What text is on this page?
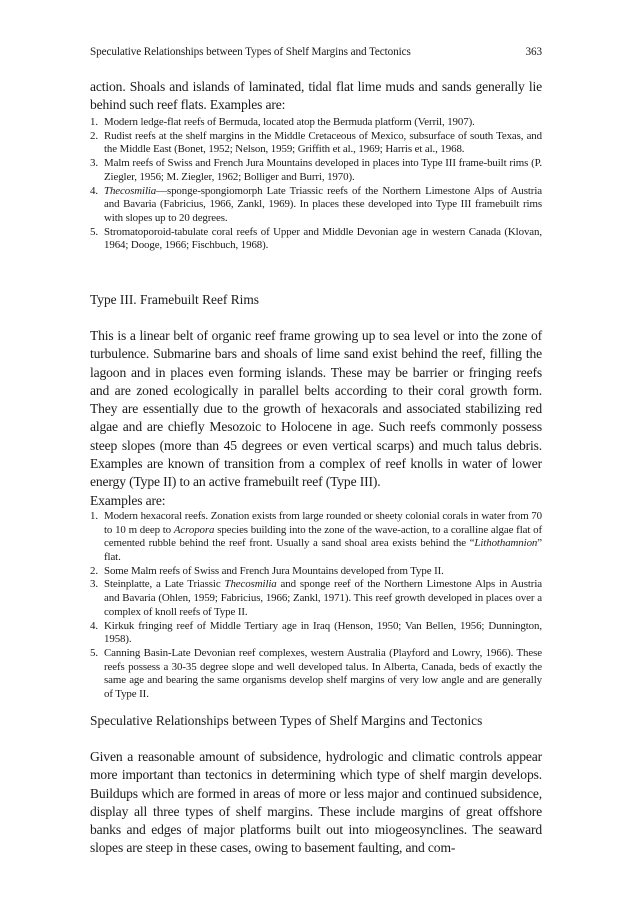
Speculative Relationships between Types of Shelf Margins and Tectonics	363

action. Shoals and islands of laminated, tidal flat lime muds and sands generally lie behind such reef flats. Examples are:

1. Modern ledge-flat reefs of Bermuda, located atop the Bermuda platform (Verril, 1907).
2. Rudist reefs at the shelf margins in the Middle Cretaceous of Mexico, subsurface of south Texas, and the Middle East (Bonet, 1952; Nelson, 1959; Griffith et al., 1969; Harris et al., 1968.
3. Malm reefs of Swiss and French Jura Mountains developed in places into Type III frame-built rims (P. Ziegler, 1956; M. Ziegler, 1962; Bolliger and Burri, 1970).
4. Thecosmilia—sponge-spongiomorph Late Triassic reefs of the Northern Limestone Alps of Austria and Bavaria (Fabricius, 1966, Zankl, 1969). In places these developed into Type III framebuilt rims with slopes up to 20 degrees.
5. Stromatoporoid-tabulate coral reefs of Upper and Middle Devonian age in western Canada (Klovan, 1964; Dooge, 1966; Fischbuch, 1968).
Type III. Framebuilt Reef Rims

This is a linear belt of organic reef frame growing up to sea level or into the zone of turbulence. Submarine bars and shoals of lime sand exist behind the reef, filling the lagoon and in places even forming islands. These may be barrier or fringing reefs and are zoned ecologically in parallel belts according to their coral growth form. They are essentially due to the growth of hexacorals and associated stabilizing red algae and are chiefly Mesozoic to Holocene in age. Such reefs commonly possess steep slopes (more than 45 degrees or even vertical scarps) and much talus debris. Examples are known of transition from a complex of reef knolls in water of lower energy (Type II) to an active framebuilt reef (Type III).

Examples are:

1. Modern hexacoral reefs. Zonation exists from large rounded or sheety colonial corals in water from 70 to 10 m deep to Acropora species building into the zone of the wave-action, to a coralline algae flat of cemented rubble behind the reef front. Usually a sand shoal area exists behind the “Lithothamnion” flat.
2. Some Malm reefs of Swiss and French Jura Mountains developed from Type II.
3. Steinplatte, a Late Triassic Thecosmilia and sponge reef of the Northern Limestone Alps in Austria and Bavaria (Ohlen, 1959; Fabricius, 1966; Zankl, 1971). This reef growth developed in places over a complex of knoll reefs of Type II.
4. Kirkuk fringing reef of Middle Tertiary age in Iraq (Henson, 1950; Van Bellen, 1956; Dunnington, 1958).
5. Canning Basin-Late Devonian reef complexes, western Australia (Playford and Lowry, 1966). These reefs possess a 30-35 degree slope and well developed talus. In Alberta, Canada, beds of exactly the same age and bearing the same organisms develop shelf margins of very low angle and are generally of Type II.
Speculative Relationships between Types of Shelf Margins and Tectonics

Given a reasonable amount of subsidence, hydrologic and climatic controls appear more important than tectonics in determining which type of shelf margin develops. Buildups which are formed in areas of more or less major and continued subsidence, display all three types of shelf margins. These include margins of great offshore banks and edges of major platforms built out into miogeosynclines. The seaward slopes are steep in these cases, owing to basement faulting, and com-
